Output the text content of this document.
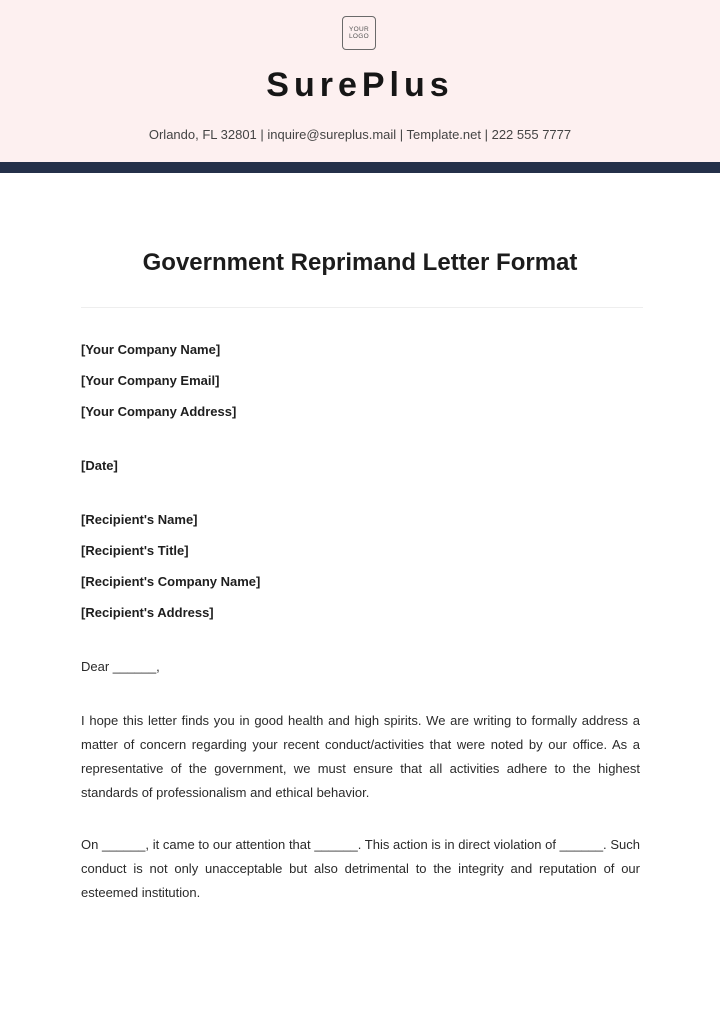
YOUR LOGO
SurePlus
Orlando, FL 32801 | inquire@sureplus.mail | Template.net | 222 555 7777
Government Reprimand Letter Format
[Your Company Name]
[Your Company Email]
[Your Company Address]
[Date]
[Recipient's Name]
[Recipient's Title]
[Recipient's Company Name]
[Recipient's Address]
Dear ______,
I hope this letter finds you in good health and high spirits. We are writing to formally address a matter of concern regarding your recent conduct/activities that were noted by our office. As a representative of the government, we must ensure that all activities adhere to the highest standards of professionalism and ethical behavior.
On ______, it came to our attention that ______. This action is in direct violation of ______. Such conduct is not only unacceptable but also detrimental to the integrity and reputation of our esteemed institution.
